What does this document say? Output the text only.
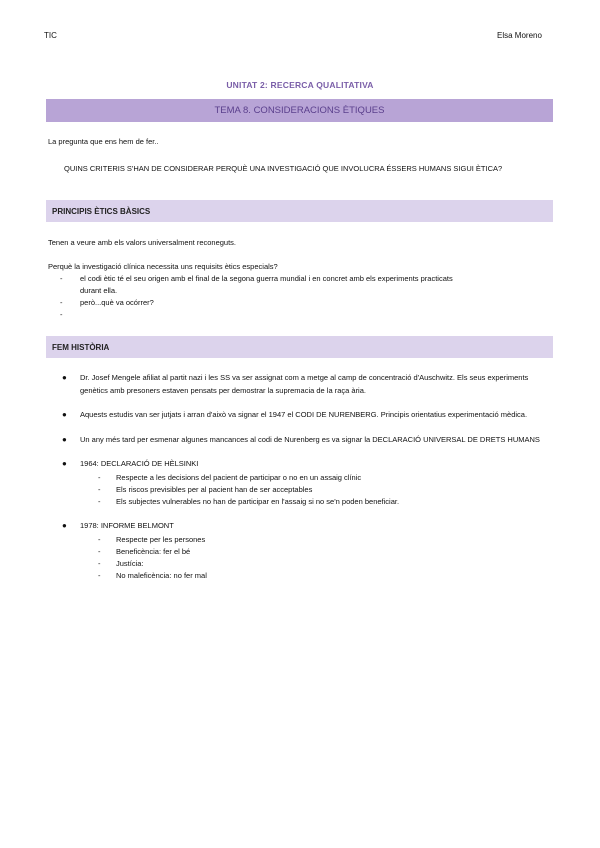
TIC	Elsa Moreno
UNITAT 2: RECERCA QUALITATIVA
TEMA 8. CONSIDERACIONS ÈTIQUES
La pregunta que ens hem de fer..
QUINS CRITERIS S'HAN DE CONSIDERAR PERQUÈ UNA INVESTIGACIÓ QUE INVOLUCRA ÉSSERS HUMANS SIGUI ÈTICA?
PRINCIPIS ÈTICS BÀSICS
Tenen a veure amb els valors universalment reconeguts.
Perquè la investigació clínica necessita uns requisits ètics especials?
- el codi ètic té el seu origen amb el final de la segona guerra mundial i en concret amb els experiments practicats
durant ella.
- però...què va ocórrer?
-
FEM HISTÒRIA
● Dr. Josef Mengele afiliat al partit nazi i les SS va ser assignat com a metge al camp de concentració d'Auschwitz. Els seus experiments genètics amb presoners estaven pensats per demostrar la supremacia de la raça ària.
● Aquests estudis van ser jutjats i arran d'això va signar el 1947 el CODI DE NURENBERG. Principis orientatius experimentació mèdica.
● Un any més tard per esmenar algunes mancances al codi de Nurenberg es va signar la DECLARACIÓ UNIVERSAL DE DRETS HUMANS
● 1964: DECLARACIÓ DE HÈLSINKI
- Respecte a les decisions del pacient de participar o no en un assaig clínic
- Els riscos previsibles per al pacient han de ser acceptables
- Els subjectes vulnerables no han de participar en l'assaig si no se'n poden beneficiar.
● 1978: INFORME BELMONT
- Respecte per les persones
- Beneficència: fer el bé
- Justícia:
- No maleficència: no fer mal
